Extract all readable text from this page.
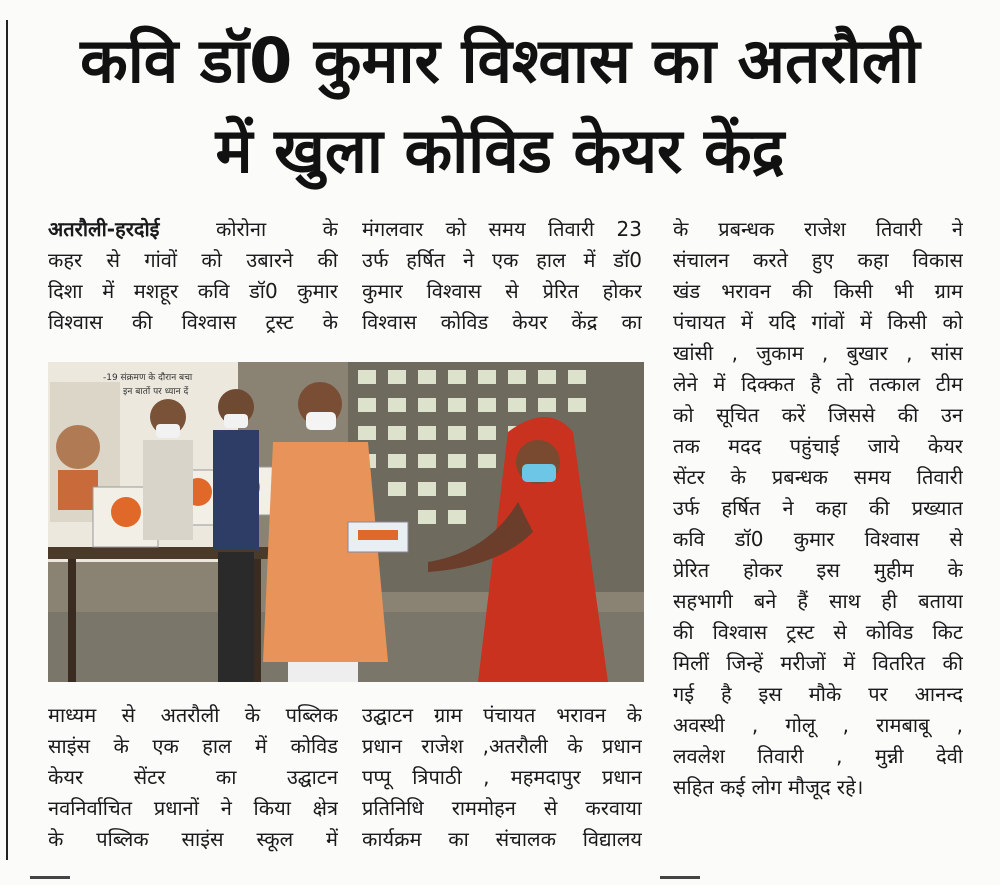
कवि डॉ0 कुमार विश्वास का अतरौली
में खुला कोविड केयर केंद्र
अतरौली-हरदोई कोरोना के
कहर से गांवों को उबारने की
दिशा में मशहूर कवि डॉ0 कुमार
विश्वास की विश्वास ट्रस्ट के
मंगलवार को समय तिवारी 23
उर्फ हर्षित ने एक हाल में डॉ0
कुमार विश्वास से प्रेरित होकर
विश्वास कोविड केयर केंद्र का
के प्रबन्धक राजेश तिवारी ने
संचालन करते हुए कहा विकास
खंड भरावन की किसी भी ग्राम
पंचायत में यदि गांवों में किसी को
खांसी , जुकाम , बुखार , सांस
लेने में दिक्कत है तो तत्काल टीम
को सूचित करें जिससे की उन
तक मदद पहुंचाई जाये केयर
सेंटर के प्रबन्धक समय तिवारी
उर्फ हर्षित ने कहा की प्रख्यात
कवि डॉ0 कुमार विश्वास से
प्रेरित होकर इस मुहीम के
सहभागी बने हैं साथ ही बताया
की विश्वास ट्रस्ट से कोविड किट
मिलीं जिन्हें मरीजों में वितरित की
गई है इस मौके पर आनन्द
अवस्थी , गोलू , रामबाबू ,
लवलेश तिवारी , मुन्नी देवी
सहित कई लोग मौजूद रहे।
-19 संक्रमण के दौरान बचा
इन बातों पर ध्यान दें
माध्यम से अतरौली के पब्लिक
साइंस के एक हाल में कोविड
केयर सेंटर का उद्घाटन
नवनिर्वाचित प्रधानों ने किया क्षेत्र
के पब्लिक साइंस स्कूल में
उद्घाटन ग्राम पंचायत भरावन के
प्रधान राजेश ,अतरौली के प्रधान
पप्पू त्रिपाठी , महमदापुर प्रधान
प्रतिनिधि राममोहन से करवाया
कार्यक्रम का संचालक विद्यालय
